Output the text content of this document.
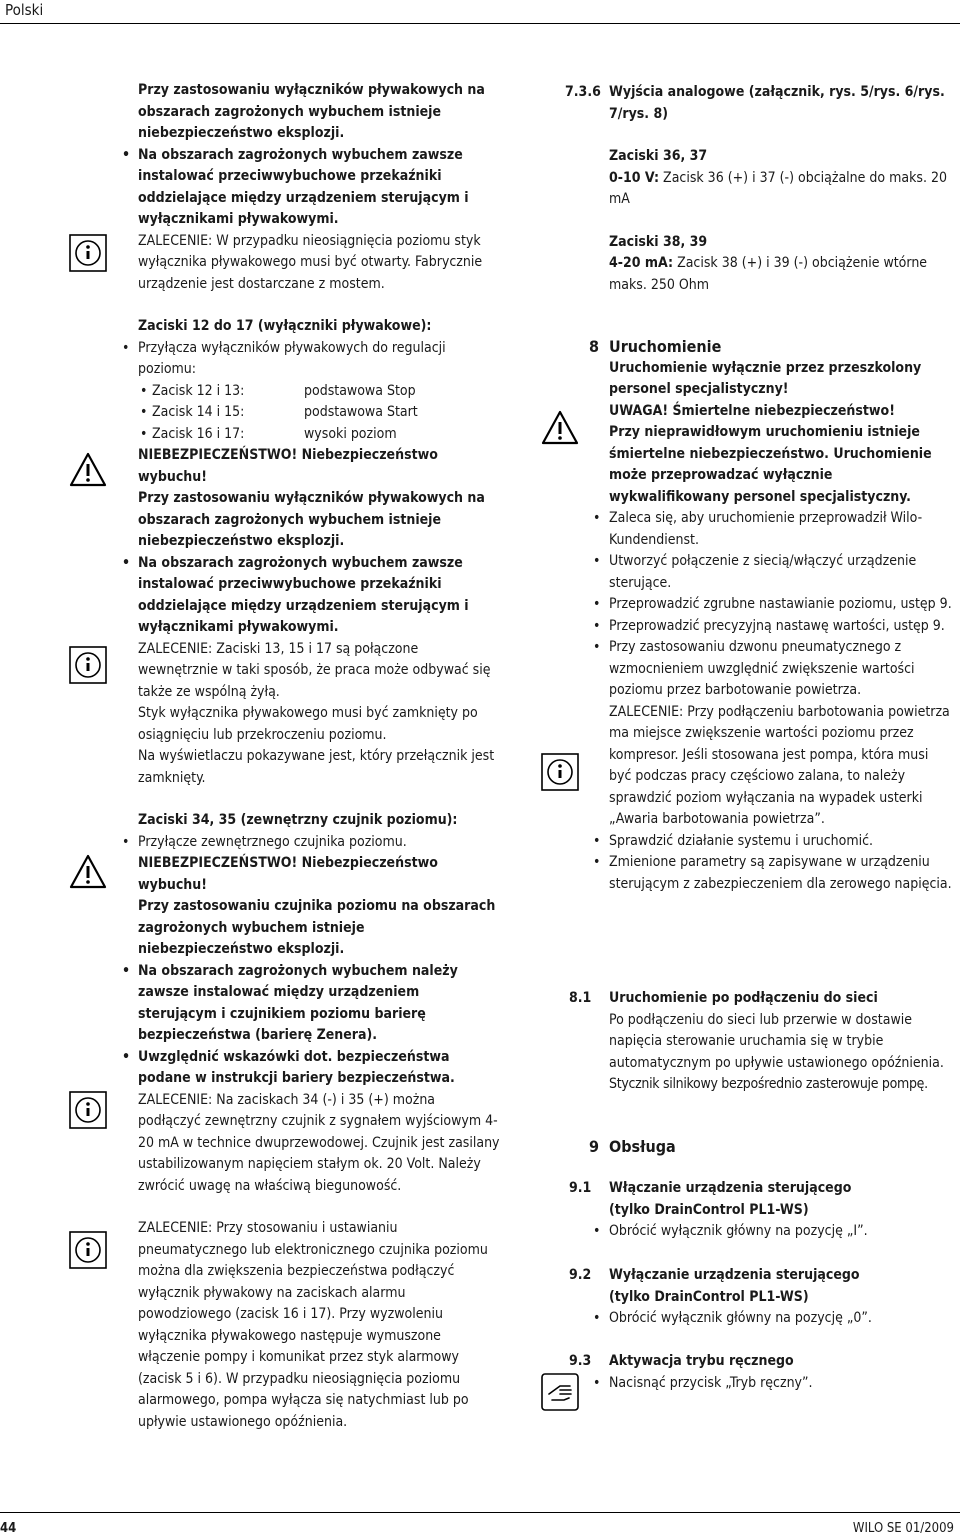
Polski

Przy zastosowaniu wyłączników pływakowych na obszarach zagrożonych wybuchem istnieje niebezpieczeństwo eksplozji.

• Na obszarach zagrożonych wybuchem zawsze instalować przeciwwybuchowe przekaźniki oddzielające między urządzeniem sterującym i wyłącznikami pływakowymi.

ZALECENIE: W przypadku nieosiągnięcia poziomu styk wyłącznika pływakowego musi być otwarty. Fabrycznie urządzenie jest dostarczane z mostem.

Zaciski 12 do 17 (wyłączniki pływakowe):

• Przyłącza wyłączników pływakowych do regulacji poziomu:
• Zacisk 12 i 13:	podstawowa Stop
• Zacisk 14 i 15:	podstawowa Start
• Zacisk 16 i 17:	wysoki poziom

NIEBEZPIECZEŃSTWO! Niebezpieczeństwo wybuchu!

Przy zastosowaniu wyłączników pływakowych na obszarach zagrożonych wybuchem istnieje niebezpieczeństwo eksplozji.

• Na obszarach zagrożonych wybuchem zawsze instalować przeciwwybuchowe przekaźniki oddzielające między urządzeniem sterującym i wyłącznikami pływakowymi.

ZALECENIE: Zaciski 13, 15 i 17 są połączone wewnętrznie w taki sposób, że praca może odbywać się także ze wspólną żyłą.

Styk wyłącznika pływakowego musi być zamknięty po osiągnięciu lub przekroczeniu poziomu.

Na wyświetlaczu pokazywane jest, który przełącznik jest zamknięty.

Zaciski 34, 35 (zewnętrzny czujnik poziomu):

• Przyłącze zewnętrznego czujnika poziomu.

NIEBEZPIECZEŃSTWO! Niebezpieczeństwo wybuchu!

Przy zastosowaniu czujnika poziomu na obszarach zagrożonych wybuchem istnieje niebezpieczeństwo eksplozji.

• Na obszarach zagrożonych wybuchem należy zawsze instalować między urządzeniem sterującym i czujnikiem poziomu barierę bezpieczeństwa (barierę Zenera).
• Uwzględnić wskazówki dot. bezpieczeństwa podane w instrukcji bariery bezpieczeństwa.

ZALECENIE: Na zaciskach 34 (-) i 35 (+) można podłączyć zewnętrzny czujnik z sygnałem wyjściowym 4-20 mA w technice dwuprzewodowej. Czujnik jest zasilany ustabilizowanym napięciem stałym ok. 20 Volt. Należy zwrócić uwagę na właściwą biegunowość.

ZALECENIE: Przy stosowaniu i ustawianiu pneumatycznego lub elektronicznego czujnika poziomu można dla zwiększenia bezpieczeństwa podłączyć wyłącznik pływakowy na zaciskach alarmu powodziowego (zacisk 16 i 17). Przy wyzwoleniu wyłącznika pływakowego następuje wymuszone włączenie pompy i komunikat przez styk alarmowy (zacisk 5 i 6). W przypadku nieosiągnięcia poziomu alarmowego, pompa wyłącza się natychmiast lub po upływie ustawionego opóźnienia.

7.3.6 Wyjścia analogowe (załącznik, rys. 5/rys. 6/rys. 7/rys. 8)

Zaciski 36, 37

0-10 V: Zacisk 36 (+) i 37 (-) obciążalne do maks. 20 mA

Zaciski 38, 39

4-20 mA: Zacisk 38 (+) i 39 (-) obciążenie wtórne maks. 250 Ohm

8 Uruchomienie

Uruchomienie wyłącznie przez przeszkolony personel specjalistyczny!

UWAGA! Śmiertelne niebezpieczeństwo!

Przy nieprawidłowym uruchomieniu istnieje śmiertelne niebezpieczeństwo. Uruchomienie może przeprowadzać wyłącznie wykwalifikowany personel specjalistyczny.

• Zaleca się, aby uruchomienie przeprowadził Wilo-Kundendienst.
• Utworzyć połączenie z siecią/włączyć urządzenie sterujące.
• Przeprowadzić zgrubne nastawianie poziomu, ustęp 9.
• Przeprowadzić precyzyjną nastawę wartości, ustęp 9.
• Przy zastosowaniu dzwonu pneumatycznego z wzmocnieniem uwzględnić zwiększenie wartości poziomu przez barbotowanie powietrza.

ZALECENIE: Przy podłączeniu barbotowania powietrza ma miejsce zwiększenie wartości poziomu przez kompresor. Jeśli stosowana jest pompa, która musi być podczas pracy częściowo zalana, to należy sprawdzić poziom wyłączania na wypadek usterki „Awaria barbotowania powietrza”.

• Sprawdzić działanie systemu i uruchomić.
• Zmienione parametry są zapisywane w urządzeniu sterującym z zabezpieczeniem dla zerowego napięcia.
8.1 Uruchomienie po podłączeniu do sieci

Po podłączeniu do sieci lub przerwie w dostawie napięcia sterowanie uruchamia się w trybie automatycznym po upływie ustawionego opóźnienia.

Stycznik silnikowy bezpośrednio zasterowuje pompę.

9 Obsługa

9.1 Włączanie urządzenia sterującego (tylko DrainControl PL1-WS)

• Obrócić wyłącznik główny na pozycję „I”.
9.2 Wyłączanie urządzenia sterującego (tylko DrainControl PL1-WS)

• Obrócić wyłącznik główny na pozycję „0”.
9.3 Aktywacja trybu ręcznego

• Nacisnąć przycisk „Tryb ręczny”.
44	WILO SE 01/2009
